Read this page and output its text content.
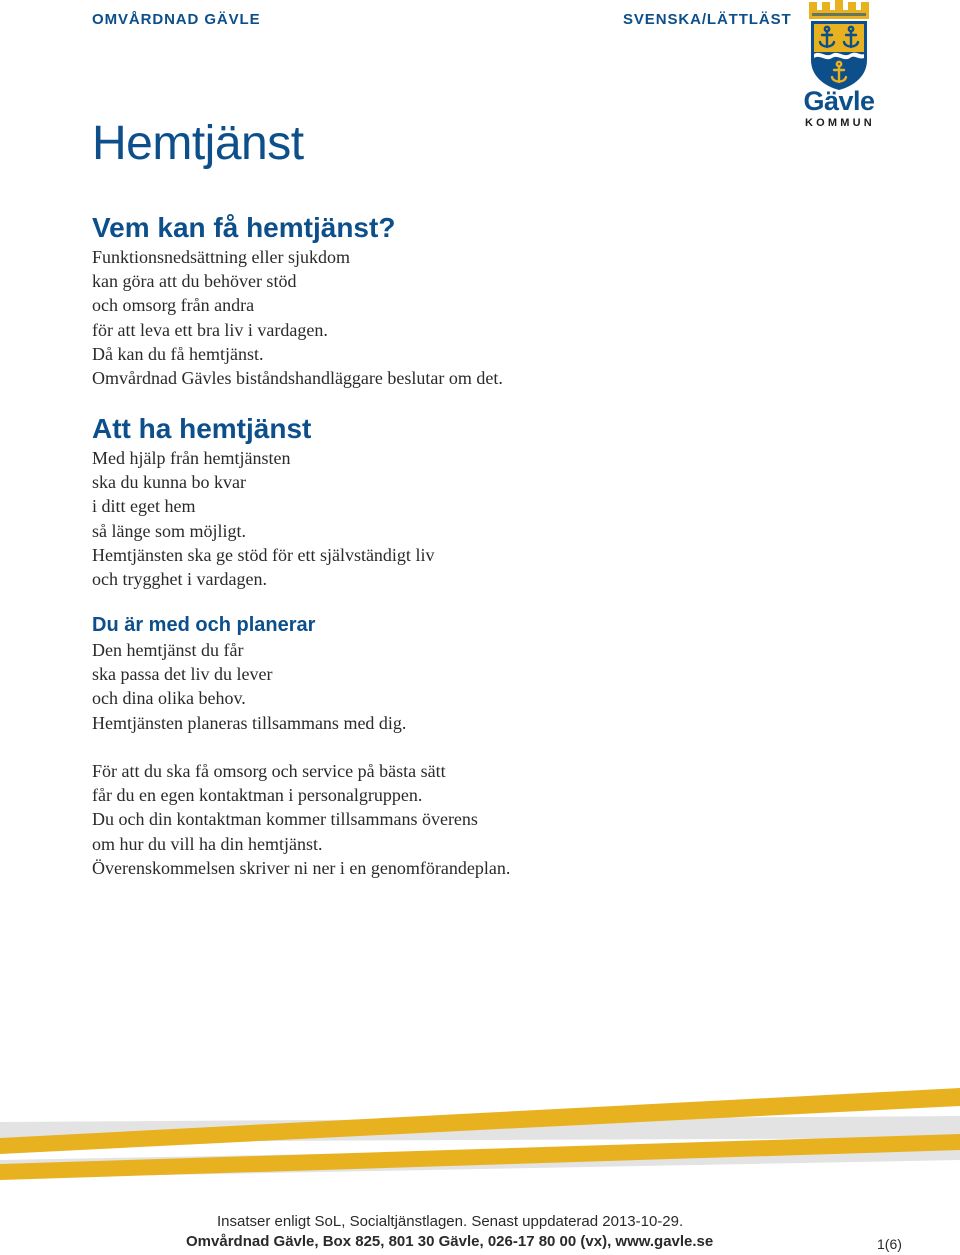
OMVÅRDNAD GÄVLE	SVENSKA/LÄTTLÄST
Gävle
KOMMUN
Hemtjänst
Vem kan få hemtjänst?
Funktionsnedsättning eller sjukdom
kan göra att du behöver stöd
och omsorg från andra
för att leva ett bra liv i vardagen.
Då kan du få hemtjänst.
Omvårdnad Gävles biståndshandläggare beslutar om det.
Att ha hemtjänst
Med hjälp från hemtjänsten
ska du kunna bo kvar
i ditt eget hem
så länge som möjligt.
Hemtjänsten ska ge stöd för ett självständigt liv
och trygghet i vardagen.
Du är med och planerar
Den hemtjänst du får
ska passa det liv du lever
och dina olika behov.
Hemtjänsten planeras tillsammans med dig.
För att du ska få omsorg och service på bästa sätt
får du en egen kontaktman i personalgruppen.
Du och din kontaktman kommer tillsammans överens
om hur du vill ha din hemtjänst.
Överenskommelsen skriver ni ner i en genomförandeplan.
Insatser enligt SoL, Socialtjänstlagen. Senast uppdaterad 2013-10-29.
Omvårdnad Gävle, Box 825, 801 30 Gävle, 026-17 80 00 (vx), www.gavle.se	1(6)
